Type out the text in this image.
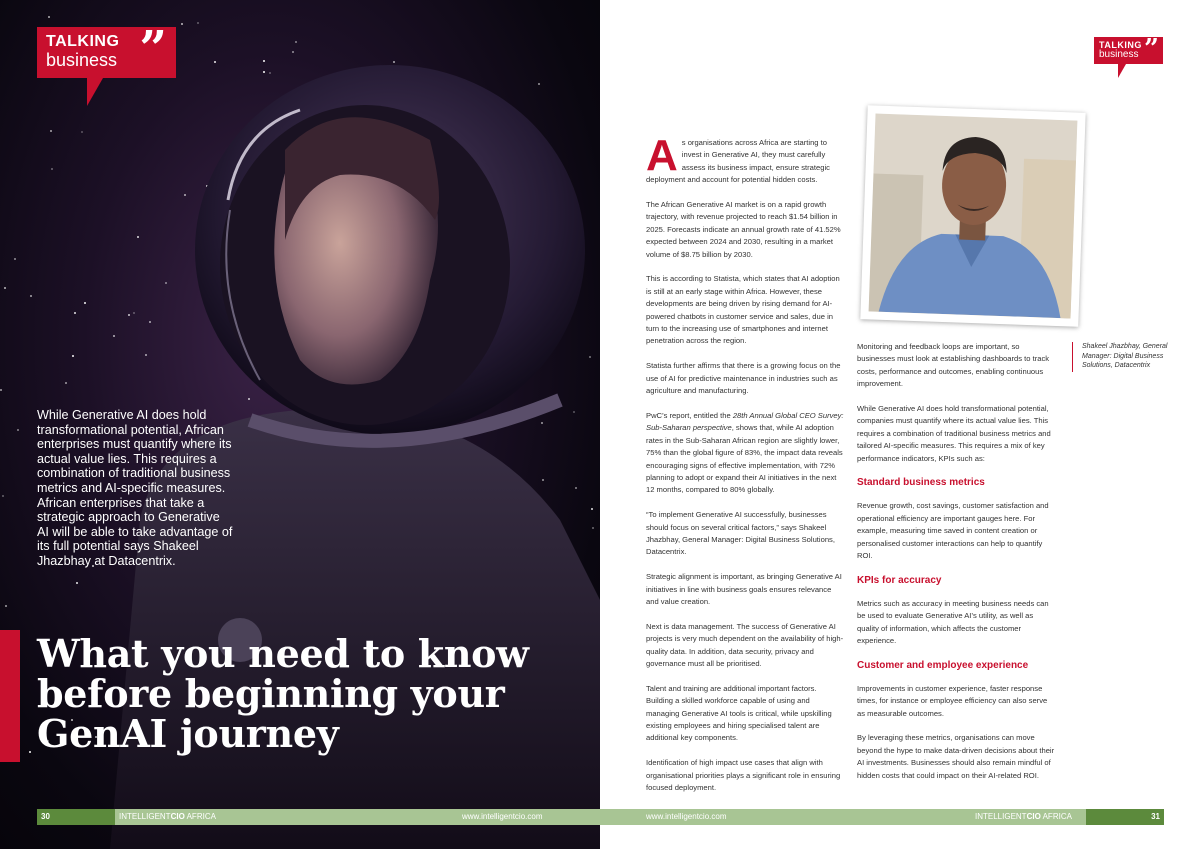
TALKING
business ”
While Generative AI does hold transformational potential, African enterprises must quantify where its actual value lies. This requires a combination of traditional business metrics and AI-specific measures. African enterprises that take a strategic approach to Generative AI will be able to take advantage of its full potential says Shakeel Jhazbhay at Datacentrix.
What you need to know before beginning your GenAI journey
TALKING
business ”

As organisations across Africa are starting to invest in Generative AI, they must carefully assess its business impact, ensure strategic deployment and account for potential hidden costs.

The African Generative AI market is on a rapid growth trajectory, with revenue projected to reach $1.54 billion in 2025. Forecasts indicate an annual growth rate of 41.52% expected between 2024 and 2030, resulting in a market volume of $8.75 billion by 2030.

This is according to Statista, which states that AI adoption is still at an early stage within Africa. However, these developments are being driven by rising demand for AI-powered chatbots in customer service and sales, due in turn to the increasing use of smartphones and internet penetration across the region.

Statista further affirms that there is a growing focus on the use of AI for predictive maintenance in industries such as agriculture and manufacturing.

PwC’s report, entitled the 28th Annual Global CEO Survey: Sub-Saharan perspective, shows that, while AI adoption rates in the Sub-Saharan African region are slightly lower, 75% than the global figure of 83%, the impact data reveals encouraging signs of effective implementation, with 72% planning to adopt or expand their AI initiatives in the next 12 months, compared to 80% globally.

“To implement Generative AI successfully, businesses should focus on several critical factors,” says Shakeel Jhazbhay, General Manager: Digital Business Solutions, Datacentrix.

Strategic alignment is important, as bringing Generative AI initiatives in line with business goals ensures relevance and value creation.

Next is data management. The success of Generative AI projects is very much dependent on the availability of high-quality data. In addition, data security, privacy and governance must all be prioritised.

Talent and training are additional important factors. Building a skilled workforce capable of using and managing Generative AI tools is critical, while upskilling existing employees and hiring specialised talent are additional key components.

Identification of high impact use cases that align with organisational priorities plays a significant role in ensuring focused deployment.

Shakeel Jhazbhay, General Manager: Digital Business Solutions, Datacentrix

Monitoring and feedback loops are important, so businesses must look at establishing dashboards to track costs, performance and outcomes, enabling continuous improvement.

While Generative AI does hold transformational potential, companies must quantify where its actual value lies. This requires a combination of traditional business metrics and tailored AI-specific measures. This requires a mix of key performance indicators, KPIs such as:

Standard business metrics

Revenue growth, cost savings, customer satisfaction and operational efficiency are important gauges here. For example, measuring time saved in content creation or personalised customer interactions can help to quantify ROI.

KPIs for accuracy

Metrics such as accuracy in meeting business needs can be used to evaluate Generative AI’s utility, as well as quality of information, which affects the customer experience.

Customer and employee experience

Improvements in customer experience, faster response times, for instance or employee efficiency can also serve as measurable outcomes.

By leveraging these metrics, organisations can move beyond the hype to make data-driven decisions about their AI investments. Businesses should also remain mindful of hidden costs that could impact on their AI-related ROI.

30	INTELLIGENTCIO AFRICA	www.intelligentcio.com	www.intelligentcio.com	INTELLIGENTCIO AFRICA	31
